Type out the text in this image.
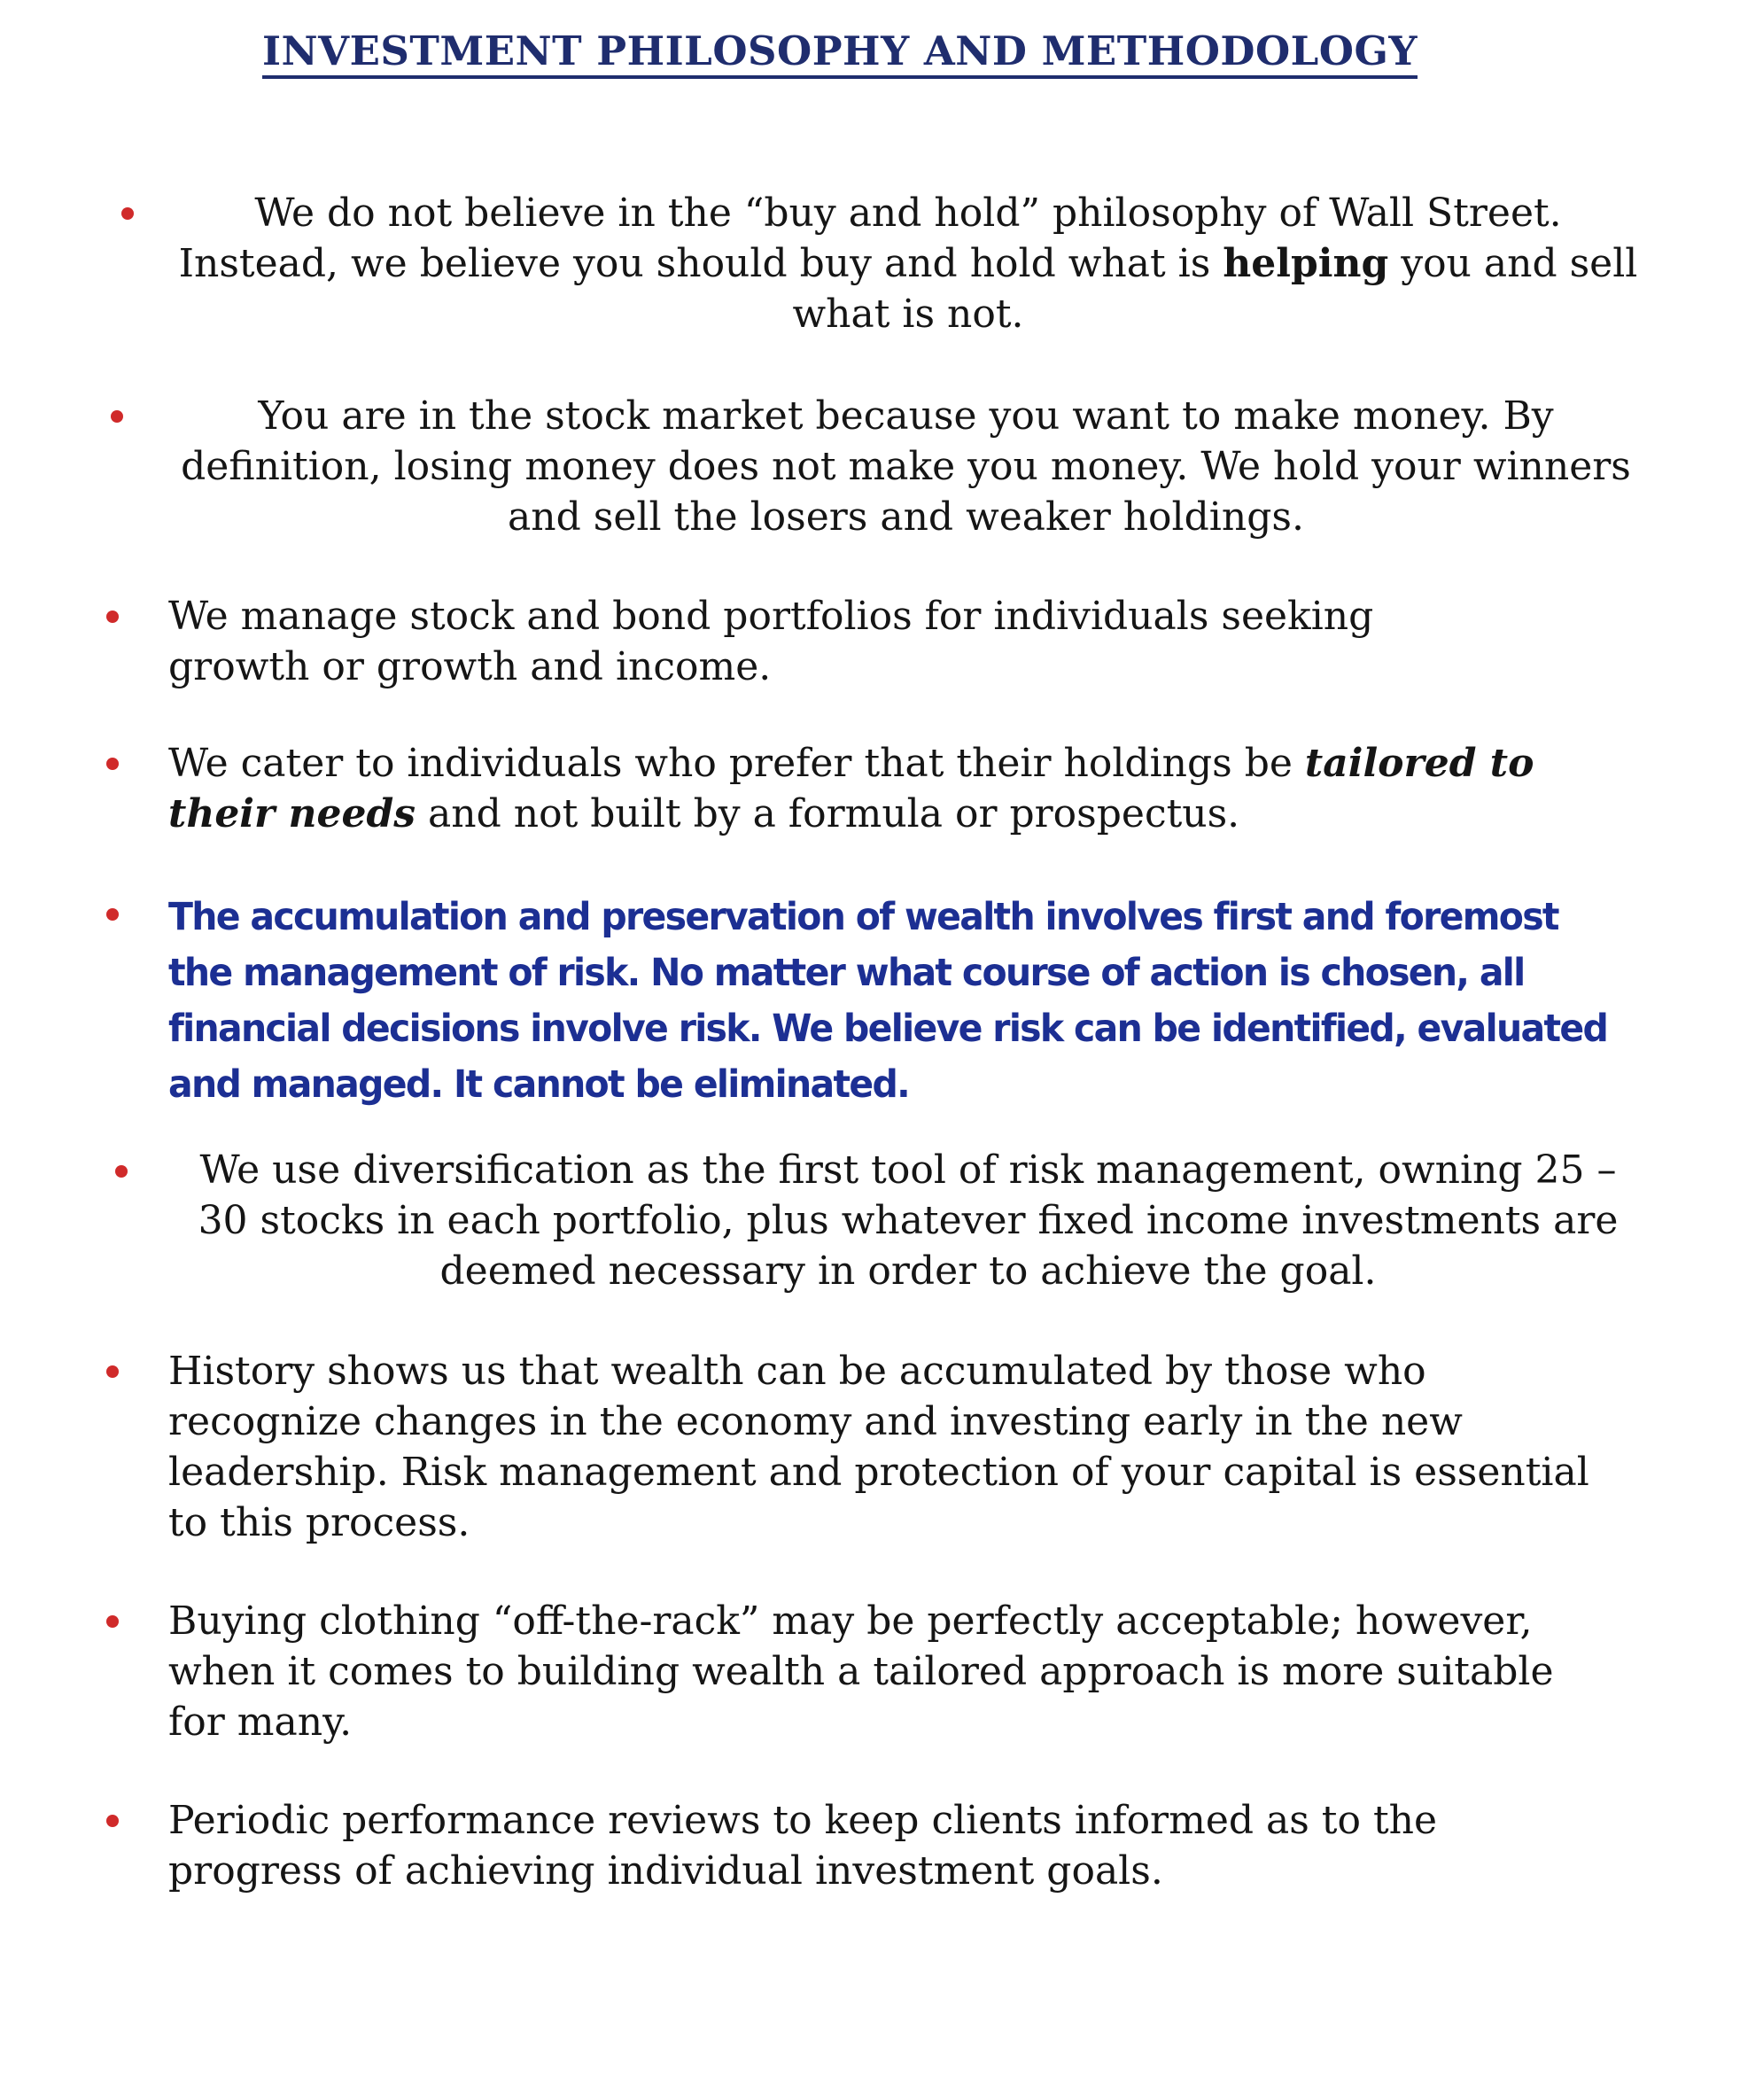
INVESTMENT PHILOSOPHY AND METHODOLOGY

We do not believe in the “buy and hold” philosophy of Wall Street. Instead, we believe you should buy and hold what is helping you and sell what is not.

You are in the stock market because you want to make money. By definition, losing money does not make you money. We hold your winners and sell the losers and weaker holdings.

We manage stock and bond portfolios for individuals seeking growth or growth and income.

We cater to individuals who prefer that their holdings be tailored to their needs and not built by a formula or prospectus.

The accumulation and preservation of wealth involves first and foremost the management of risk. No matter what course of action is chosen, all financial decisions involve risk. We believe risk can be identified, evaluated and managed. It cannot be eliminated.

We use diversification as the first tool of risk management, owning 25 – 30 stocks in each portfolio, plus whatever fixed income investments are deemed necessary in order to achieve the goal.

History shows us that wealth can be accumulated by those who recognize changes in the economy and investing early in the new leadership. Risk management and protection of your capital is essential to this process.

Buying clothing “off-the-rack” may be perfectly acceptable; however, when it comes to building wealth a tailored approach is more suitable for many.

Periodic performance reviews to keep clients informed as to the progress of achieving individual investment goals.
